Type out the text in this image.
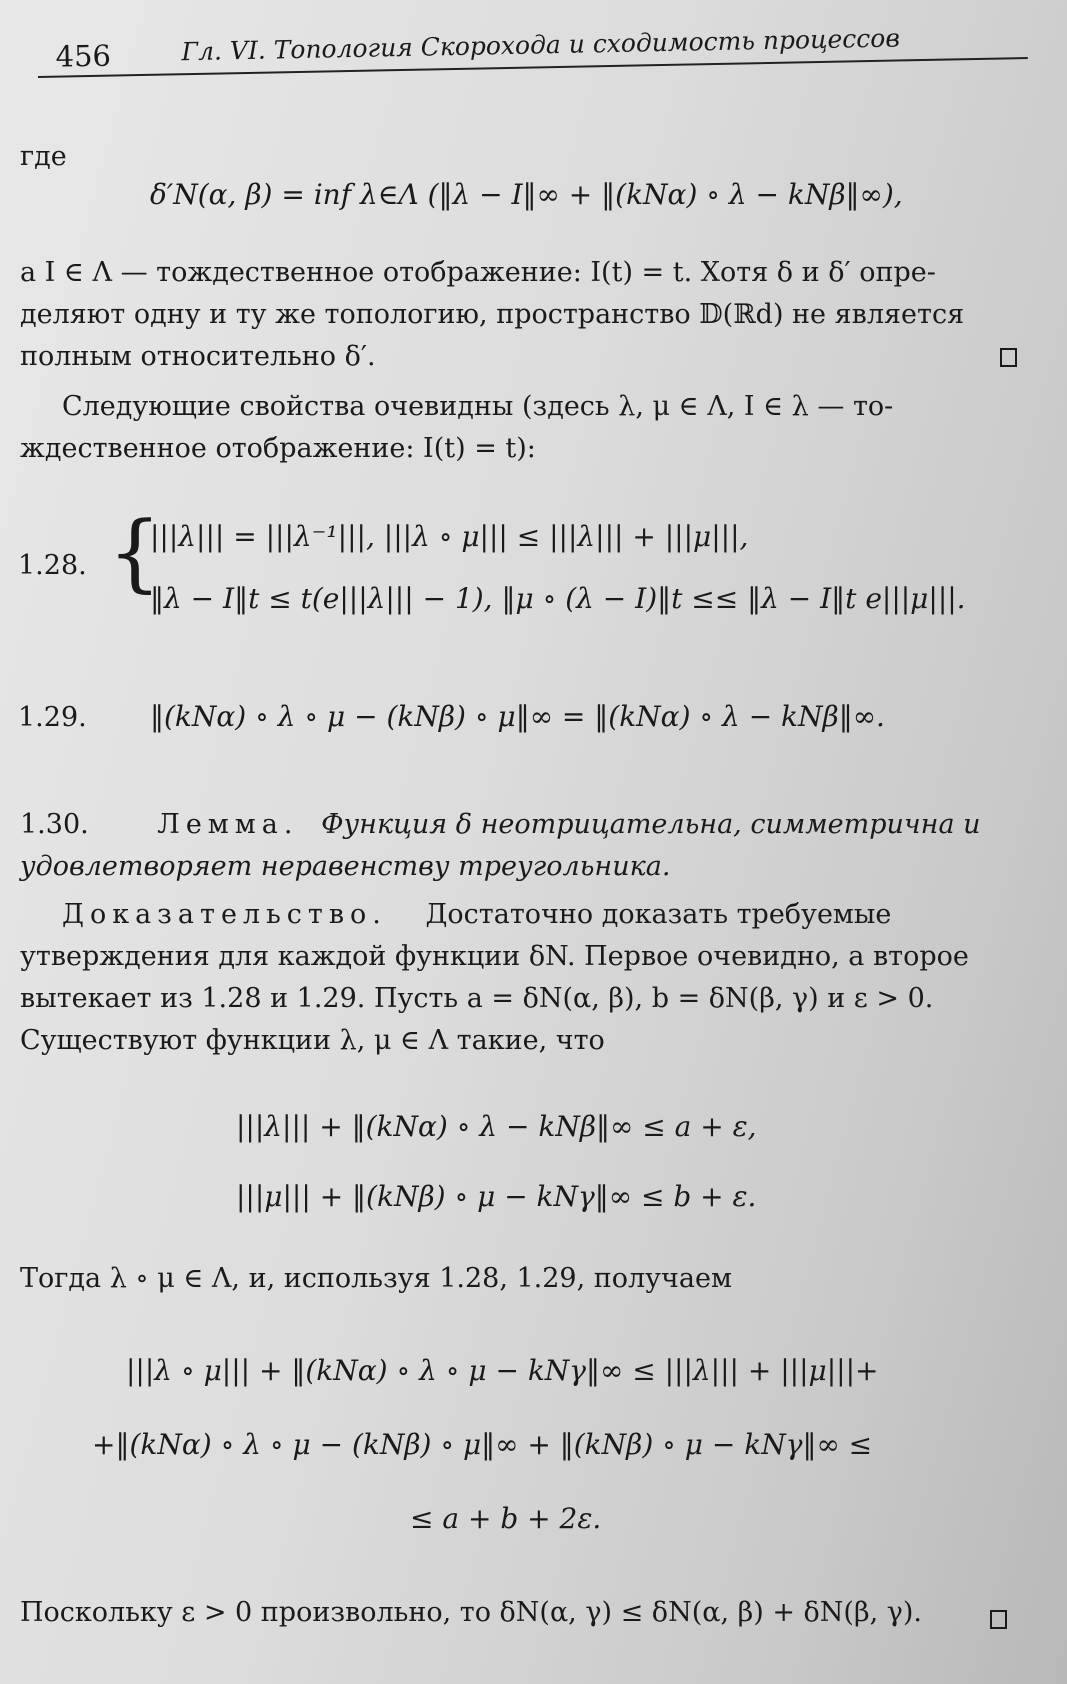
456	Гл. VI. Топология Скорохода и сходимость процессов
где
δ′N(α, β) = inf λ∈Λ (‖λ − I‖∞ + ‖(kNα) ∘ λ − kNβ‖∞),
a I ∈ Λ — тождественное отображение: I(t) = t. Хотя δ и δ′ опре-
деляют одну и ту же топологию, пространство 𝔻(ℝd) не является
полным относительно δ′.
Следующие свойства очевидны (здесь λ, μ ∈ Λ, I ∈ λ — то-
ждественное отображение: I(t) = t):
1.28. {
|||λ||| = |||λ⁻¹|||, |||λ ∘ μ||| ≤ |||λ||| + |||μ|||,
‖λ − I‖t ≤ t(e|||λ||| − 1), ‖μ ∘ (λ − I)‖t ≤≤ ‖λ − I‖t e|||μ|||.
1.29. ‖(kNα) ∘ λ ∘ μ − (kNβ) ∘ μ‖∞ = ‖(kNα) ∘ λ − kNβ‖∞.
1.30.	Лемма. Функция δ неотрицательна, симметрична и
удовлетворяет неравенству треугольника.
Доказательство. Достаточно доказать требуемые
утверждения для каждой функции δN. Первое очевидно, а второе
вытекает из 1.28 и 1.29. Пусть a = δN(α, β), b = δN(β, γ) и ε > 0.
Существуют функции λ, μ ∈ Λ такие, что
|||λ||| + ‖(kNα) ∘ λ − kNβ‖∞ ≤ a + ε,
|||μ||| + ‖(kNβ) ∘ μ − kNγ‖∞ ≤ b + ε.
Тогда λ ∘ μ ∈ Λ, и, используя 1.28, 1.29, получаем
|||λ ∘ μ||| + ‖(kNα) ∘ λ ∘ μ − kNγ‖∞ ≤ |||λ||| + |||μ|||+
+‖(kNα) ∘ λ ∘ μ − (kNβ) ∘ μ‖∞ + ‖(kNβ) ∘ μ − kNγ‖∞ ≤
≤ a + b + 2ε.
Поскольку ε > 0 произвольно, то δN(α, γ) ≤ δN(α, β) + δN(β, γ).
